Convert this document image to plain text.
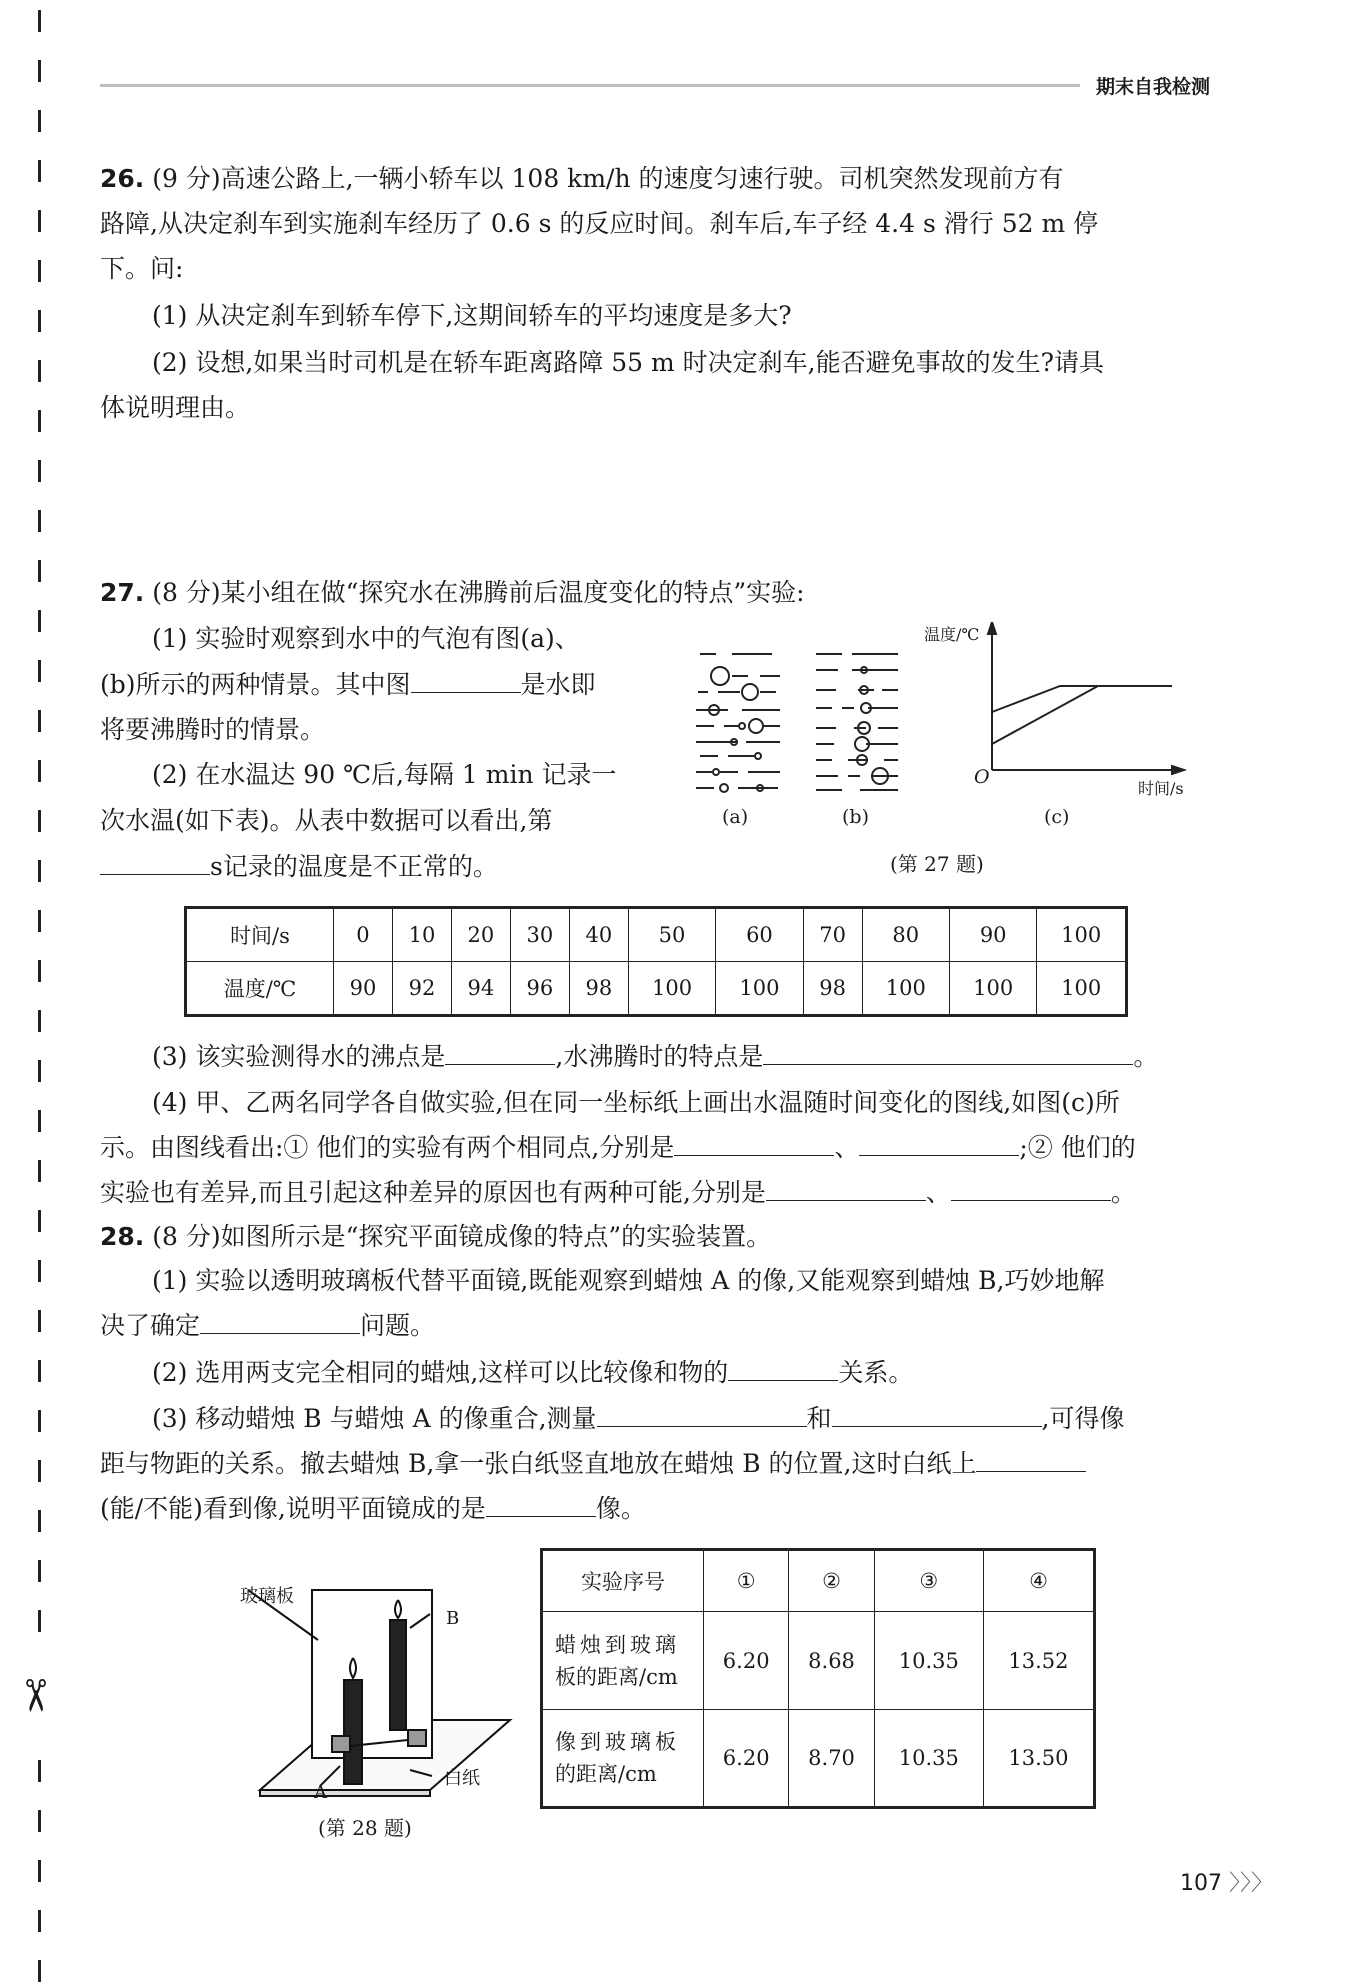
✂
期末自我检测
26. (9 分)高速公路上,一辆小轿车以 108 km/h 的速度匀速行驶。司机突然发现前方有
路障,从决定刹车到实施刹车经历了 0.6 s 的反应时间。刹车后,车子经 4.4 s 滑行 52 m 停
下。问:
(1) 从决定刹车到轿车停下,这期间轿车的平均速度是多大?
(2) 设想,如果当时司机是在轿车距离路障 55 m 时决定刹车,能否避免事故的发生?请具
体说明理由。
27. (8 分)某小组在做“探究水在沸腾前后温度变化的特点”实验:
(1) 实验时观察到水中的气泡有图(a)、
(b)所示的两种情景。其中图	是水即
将要沸腾时的情景。
(2) 在水温达 90 ℃后,每隔 1 min 记录一
次水温(如下表)。从表中数据可以看出,第
s记录的温度是不正常的。
(a)	(b)
温度/℃
O
时间/s
(c)
(第 27 题)
时间/s	0	10	20	30	40	50	60	70	80	90	100
温度/℃	90	92	94	96	98	100	100	98	100	100	100
(3) 该实验测得水的沸点是	,水沸腾时的特点是	。
(4) 甲、乙两名同学各自做实验,但在同一坐标纸上画出水温随时间变化的图线,如图(c)所
示。由图线看出:① 他们的实验有两个相同点,分别是	、	;② 他们的
实验也有差异,而且引起这种差异的原因也有两种可能,分别是	、	。
28. (8 分)如图所示是“探究平面镜成像的特点”的实验装置。
(1) 实验以透明玻璃板代替平面镜,既能观察到蜡烛 A 的像,又能观察到蜡烛 B,巧妙地解
决了确定	问题。
(2) 选用两支完全相同的蜡烛,这样可以比较像和物的	关系。
(3) 移动蜡烛 B 与蜡烛 A 的像重合,测量	和	,可得像
距与物距的关系。撤去蜡烛 B,拿一张白纸竖直地放在蜡烛 B 的位置,这时白纸上
(能/不能)看到像,说明平面镜成的是	像。
玻璃板
B
A
白纸
(第 28 题)
实验序号	①	②	③	④

蜡烛到玻璃
板的距离/cm	6.20	8.68	10.35	13.52

像到玻璃板
的距离/cm	6.20	8.70	10.35	13.50
107 〉〉〉
